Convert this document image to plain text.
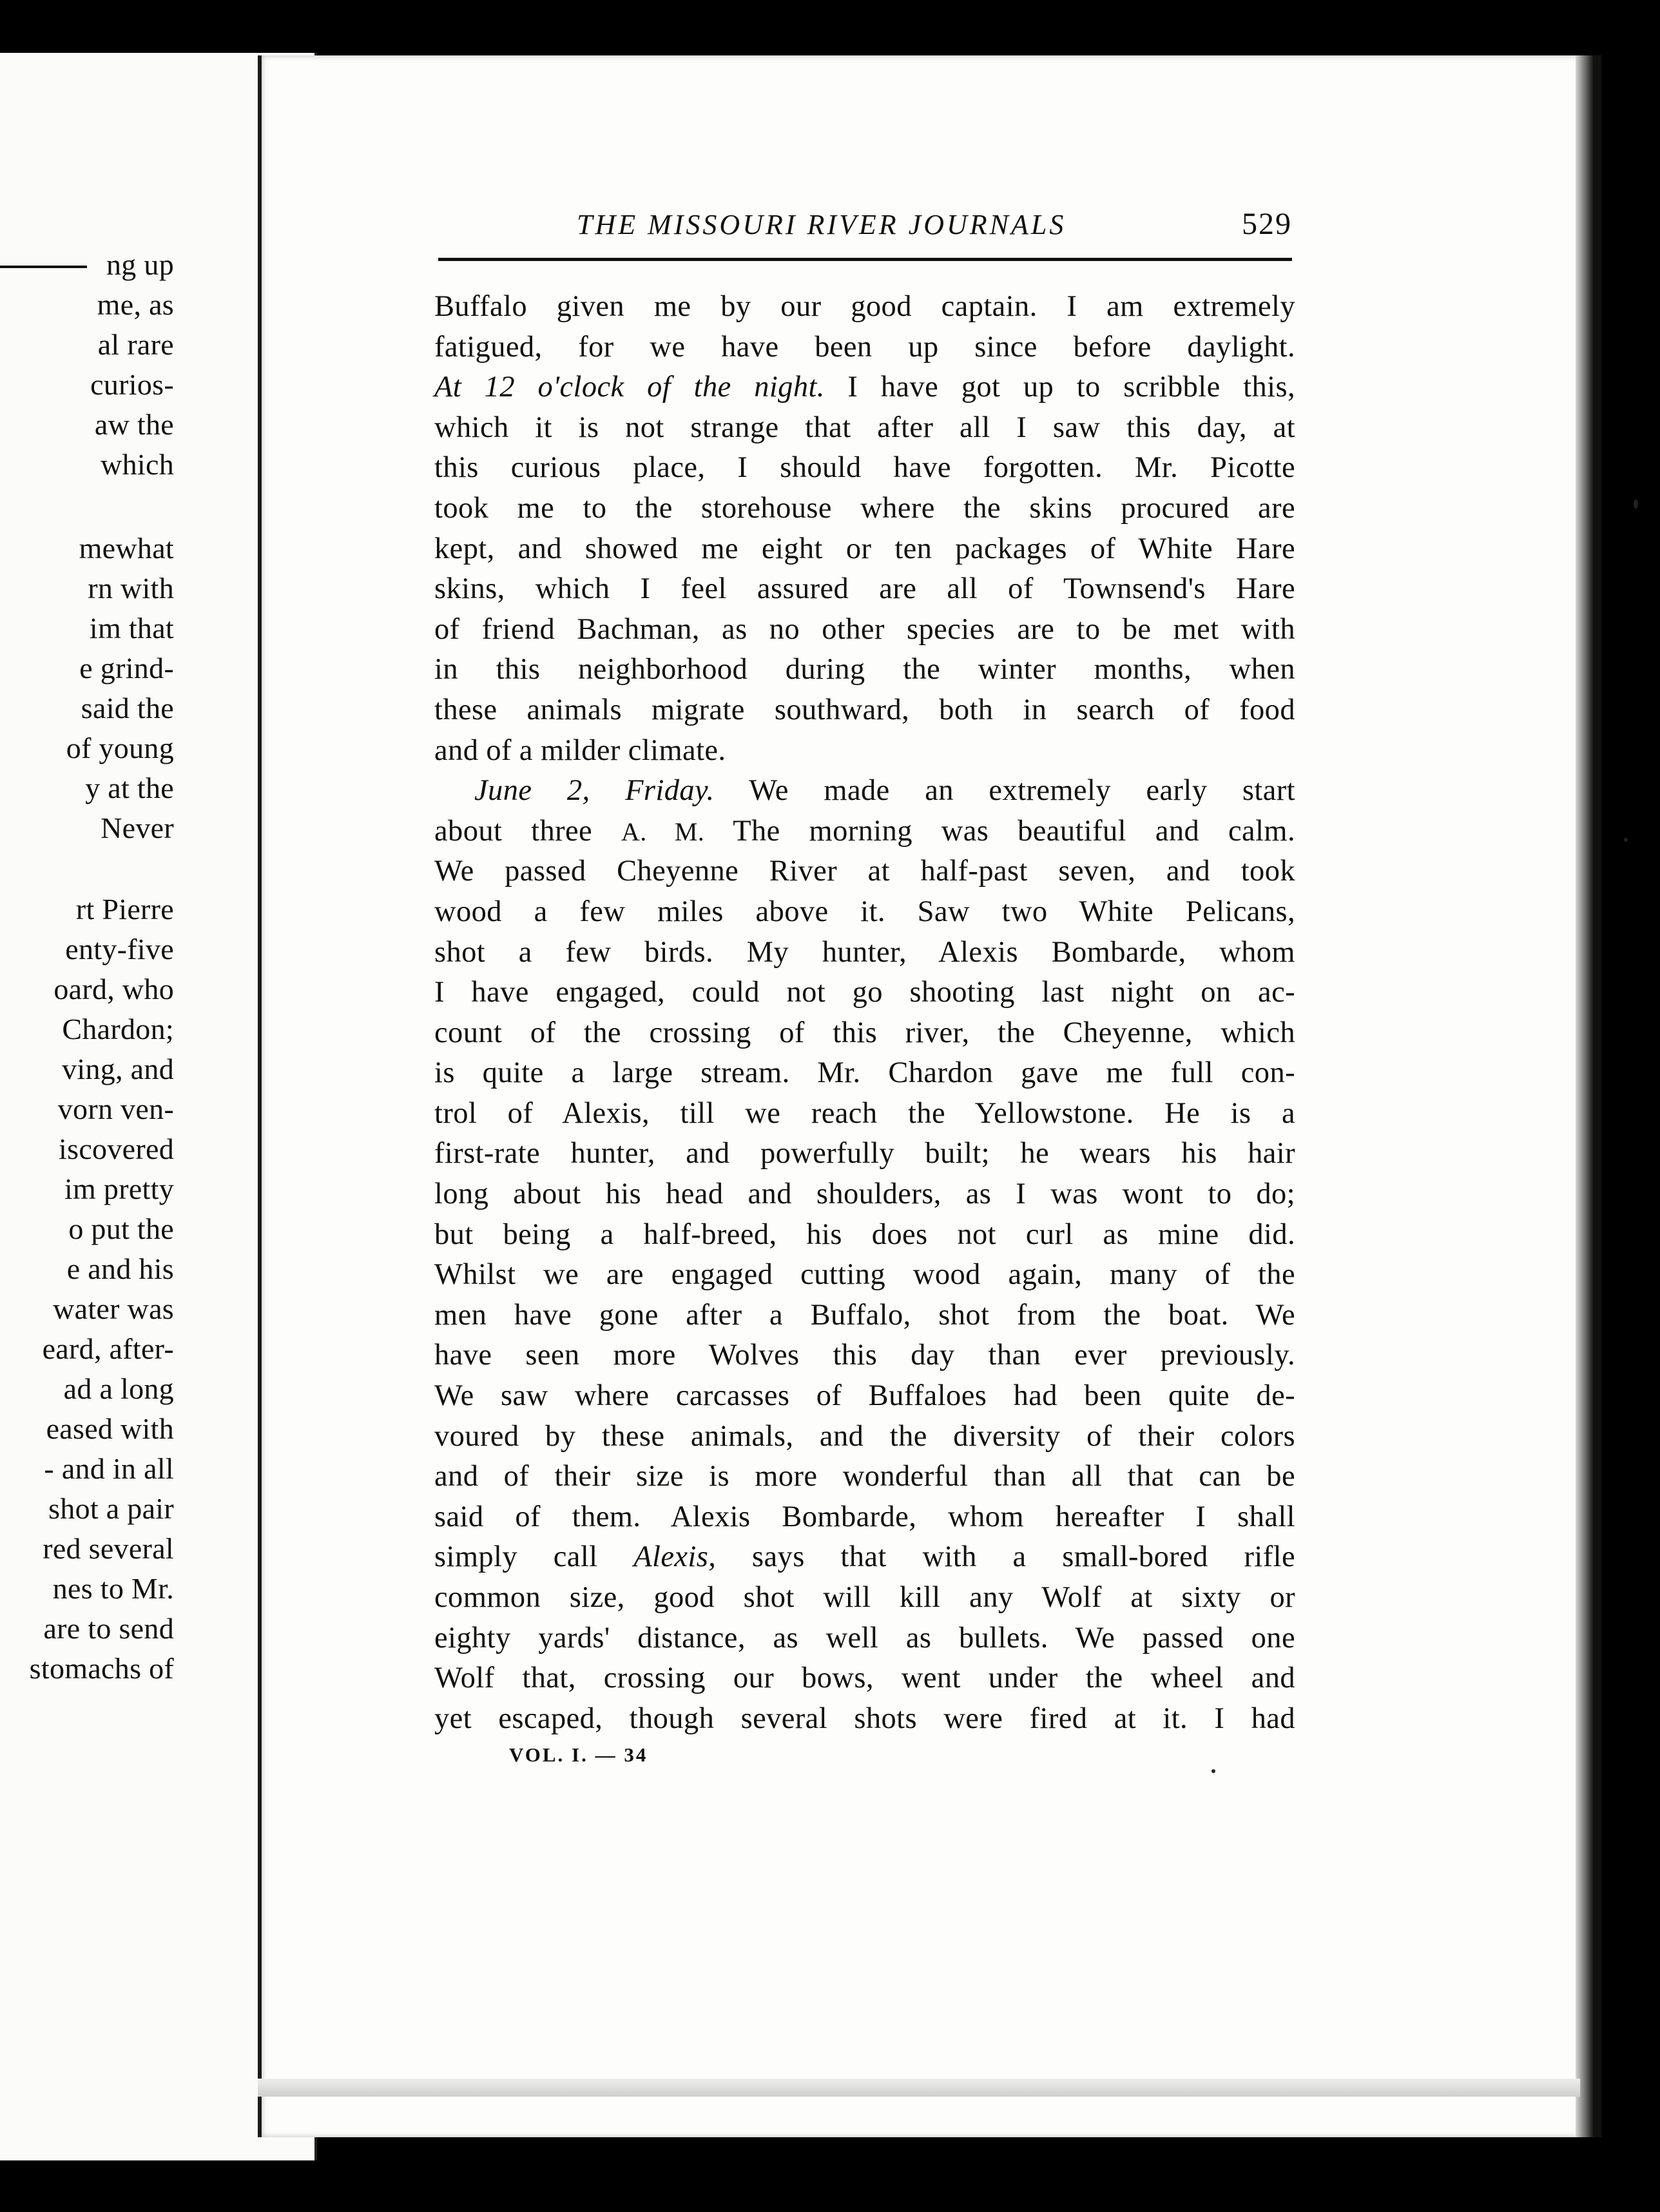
ng up
me, as
al rare
curios-
aw the
which
mewhat
rn with
im that
e grind-
said the
of young
y at the
Never
rt Pierre
enty-five
oard, who
Chardon;
ving, and
vorn ven-
iscovered
im pretty
o put the
e and his
water was
eard, after-
ad a long
eased with
- and in all
shot a pair
red several
nes to Mr.
are to send
stomachs of
THE MISSOURI RIVER JOURNALS	529
Buffalo given me by our good captain. I am extremely
fatigued, for we have been up since before daylight.
At 12 o'clock of the night. I have got up to scribble this,
which it is not strange that after all I saw this day, at
this curious place, I should have forgotten. Mr. Picotte
took me to the storehouse where the skins procured are
kept, and showed me eight or ten packages of White Hare
skins, which I feel assured are all of Townsend's Hare
of friend Bachman, as no other species are to be met with
in this neighborhood during the winter months, when
these animals migrate southward, both in search of food
and of a milder climate.
June 2, Friday. We made an extremely early start
about three A. M. The morning was beautiful and calm.
We passed Cheyenne River at half-past seven, and took
wood a few miles above it. Saw two White Pelicans,
shot a few birds. My hunter, Alexis Bombarde, whom
I have engaged, could not go shooting last night on ac-
count of the crossing of this river, the Cheyenne, which
is quite a large stream. Mr. Chardon gave me full con-
trol of Alexis, till we reach the Yellowstone. He is a
first-rate hunter, and powerfully built; he wears his hair
long about his head and shoulders, as I was wont to do;
but being a half-breed, his does not curl as mine did.
Whilst we are engaged cutting wood again, many of the
men have gone after a Buffalo, shot from the boat. We
have seen more Wolves this day than ever previously.
We saw where carcasses of Buffaloes had been quite de-
voured by these animals, and the diversity of their colors
and of their size is more wonderful than all that can be
said of them. Alexis Bombarde, whom hereafter I shall
simply call Alexis, says that with a small-bored rifle
common size, good shot will kill any Wolf at sixty or
eighty yards' distance, as well as bullets. We passed one
Wolf that, crossing our bows, went under the wheel and
yet escaped, though several shots were fired at it. I had
VOL. I. — 34
